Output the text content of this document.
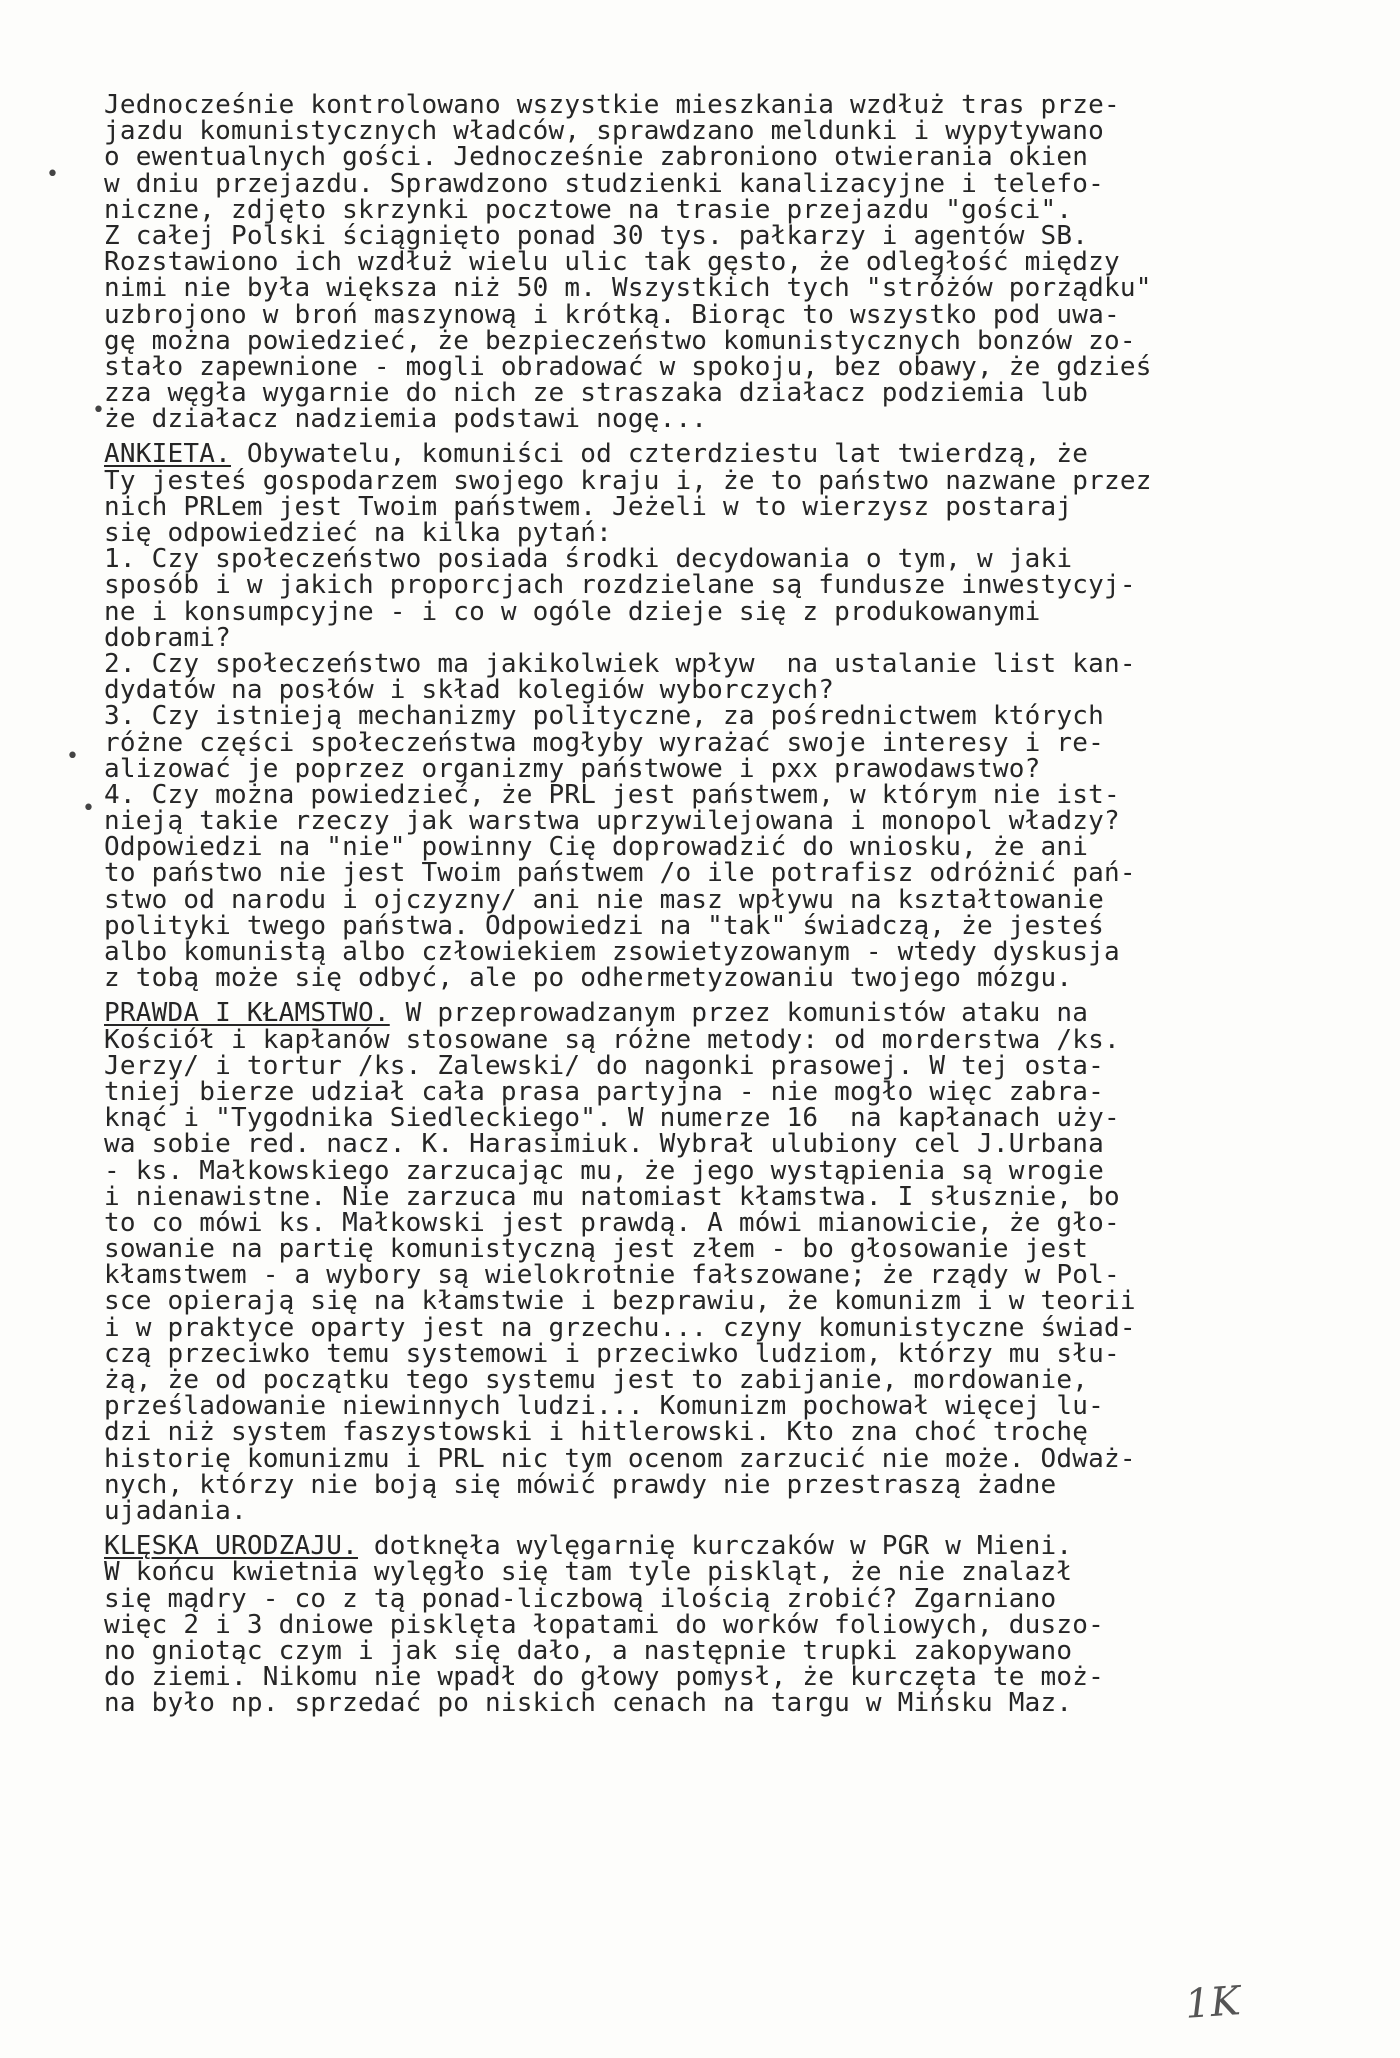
•
•
•
•
Jednocześnie kontrolowano wszystkie mieszkania wzdłuż tras prze-
jazdu komunistycznych władców, sprawdzano meldunki i wypytywano
o ewentualnych gości. Jednocześnie zabroniono otwierania okien
w dniu przejazdu. Sprawdzono studzienki kanalizacyjne i telefo-
niczne, zdjęto skrzynki pocztowe na trasie przejazdu "gości".
Z całej Polski ściągnięto ponad 30 tys. pałkarzy i agentów SB.
Rozstawiono ich wzdłuż wielu ulic tak gęsto, że odległość między
nimi nie była większa niż 50 m. Wszystkich tych "stróżów porządku"
uzbrojono w broń maszynową i krótką. Biorąc to wszystko pod uwa-
gę można powiedzieć, że bezpieczeństwo komunistycznych bonzów zo-
stało zapewnione - mogli obradować w spokoju, bez obawy, że gdzieś
zza węgła wygarnie do nich ze straszaka działacz podziemia lub
że działacz nadziemia podstawi nogę...
ANKIETA. Obywatelu, komuniści od czterdziestu lat twierdzą, że
Ty jesteś gospodarzem swojego kraju i, że to państwo nazwane przez
nich PRLem jest Twoim państwem. Jeżeli w to wierzysz postaraj
się odpowiedzieć na kilka pytań:
1. Czy społeczeństwo posiada środki decydowania o tym, w jaki
sposób i w jakich proporcjach rozdzielane są fundusze inwestycyj-
ne i konsumpcyjne - i co w ogóle dzieje się z produkowanymi
dobrami?
2. Czy społeczeństwo ma jakikolwiek wpływ  na ustalanie list kan-
dydatów na posłów i skład kolegiów wyborczych?
3. Czy istnieją mechanizmy polityczne, za pośrednictwem których
różne części społeczeństwa mogłyby wyrażać swoje interesy i re-
alizować je poprzez organizmy państwowe i pxx prawodawstwo?
4. Czy można powiedzieć, że PRL jest państwem, w którym nie ist-
nieją takie rzeczy jak warstwa uprzywilejowana i monopol władzy?
Odpowiedzi na "nie" powinny Cię doprowadzić do wniosku, że ani
to państwo nie jest Twoim państwem /o ile potrafisz odróżnić pań-
stwo od narodu i ojczyzny/ ani nie masz wpływu na kształtowanie
polityki twego państwa. Odpowiedzi na "tak" świadczą, że jesteś
albo komunistą albo człowiekiem zsowietyzowanym - wtedy dyskusja
z tobą może się odbyć, ale po odhermetyzowaniu twojego mózgu.
PRAWDA I KŁAMSTWO. W przeprowadzanym przez komunistów ataku na
Kościół i kapłanów stosowane są różne metody: od morderstwa /ks.
Jerzy/ i tortur /ks. Zalewski/ do nagonki prasowej. W tej osta-
tniej bierze udział cała prasa partyjna - nie mogło więc zabra-
knąć i "Tygodnika Siedleckiego". W numerze 16  na kapłanach uży-
wa sobie red. nacz. K. Harasimiuk. Wybrał ulubiony cel J.Urbana
- ks. Małkowskiego zarzucając mu, że jego wystąpienia są wrogie
i nienawistne. Nie zarzuca mu natomiast kłamstwa. I słusznie, bo
to co mówi ks. Małkowski jest prawdą. A mówi mianowicie, że gło-
sowanie na partię komunistyczną jest złem - bo głosowanie jest
kłamstwem - a wybory są wielokrotnie fałszowane; że rządy w Pol-
sce opierają się na kłamstwie i bezprawiu, że komunizm i w teorii
i w praktyce oparty jest na grzechu... czyny komunistyczne świad-
czą przeciwko temu systemowi i przeciwko ludziom, którzy mu słu-
żą, że od początku tego systemu jest to zabijanie, mordowanie,
prześladowanie niewinnych ludzi... Komunizm pochował więcej lu-
dzi niż system faszystowski i hitlerowski. Kto zna choć trochę
historię komunizmu i PRL nic tym ocenom zarzucić nie może. Odważ-
nych, którzy nie boją się mówić prawdy nie przestraszą żadne
ujadania.
KLĘSKA URODZAJU. dotknęła wylęgarnię kurczaków w PGR w Mieni.
W końcu kwietnia wylęgło się tam tyle piskląt, że nie znalazł
się mądry - co z tą ponad-liczbową ilością zrobić? Zgarniano
więc 2 i 3 dniowe pisklęta łopatami do worków foliowych, duszo-
no gniotąc czym i jak się dało, a następnie trupki zakopywano
do ziemi. Nikomu nie wpadł do głowy pomysł, że kurczęta te moż-
na było np. sprzedać po niskich cenach na targu w Mińsku Maz.
1K
